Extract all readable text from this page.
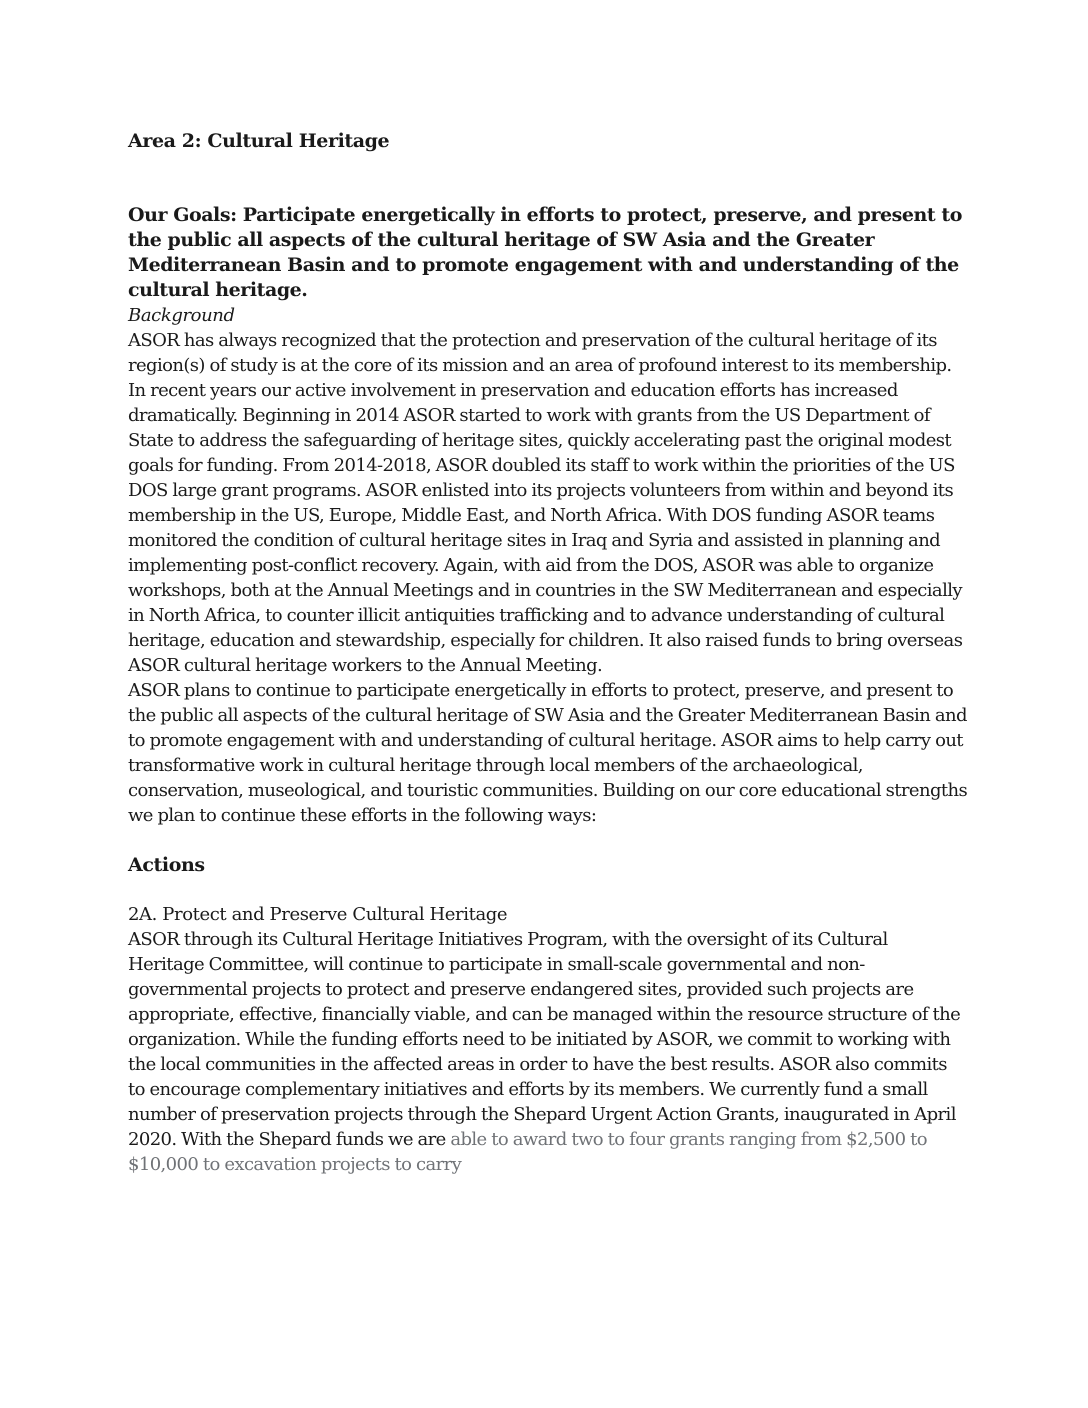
Area 2: Cultural Heritage
Our Goals: Participate energetically in efforts to protect, preserve, and present to the public all aspects of the cultural heritage of SW Asia and the Greater Mediterranean Basin and to promote engagement with and understanding of the cultural heritage.
Background

ASOR has always recognized that the protection and preservation of the cultural heritage of its region(s) of study is at the core of its mission and an area of profound interest to its membership. In recent years our active involvement in preservation and education efforts has increased dramatically. Beginning in 2014 ASOR started to work with grants from the US Department of State to address the safeguarding of heritage sites, quickly accelerating past the original modest goals for funding. From 2014-2018, ASOR doubled its staff to work within the priorities of the US DOS large grant programs. ASOR enlisted into its projects volunteers from within and beyond its membership in the US, Europe, Middle East, and North Africa. With DOS funding ASOR teams monitored the condition of cultural heritage sites in Iraq and Syria and assisted in planning and implementing post-conflict recovery. Again, with aid from the DOS, ASOR was able to organize workshops, both at the Annual Meetings and in countries in the SW Mediterranean and especially in North Africa, to counter illicit antiquities trafficking and to advance understanding of cultural heritage, education and stewardship, especially for children. It also raised funds to bring overseas ASOR cultural heritage workers to the Annual Meeting.

ASOR plans to continue to participate energetically in efforts to protect, preserve, and present to the public all aspects of the cultural heritage of SW Asia and the Greater Mediterranean Basin and to promote engagement with and understanding of cultural heritage. ASOR aims to help carry out transformative work in cultural heritage through local members of the archaeological, conservation, museological, and touristic communities. Building on our core educational strengths we plan to continue these efforts in the following ways:

Actions
2A. Protect and Preserve Cultural Heritage

ASOR through its Cultural Heritage Initiatives Program, with the oversight of its Cultural Heritage Committee, will continue to participate in small-scale governmental and non-governmental projects to protect and preserve endangered sites, provided such projects are appropriate, effective, financially viable, and can be managed within the resource structure of the organization. While the funding efforts need to be initiated by ASOR, we commit to working with the local communities in the affected areas in order to have the best results. ASOR also commits to encourage complementary initiatives and efforts by its members. We currently fund a small number of preservation projects through the Shepard Urgent Action Grants, inaugurated in April 2020. With the Shepard funds we are able to award two to four grants ranging from $2,500 to $10,000 to excavation projects to carry
